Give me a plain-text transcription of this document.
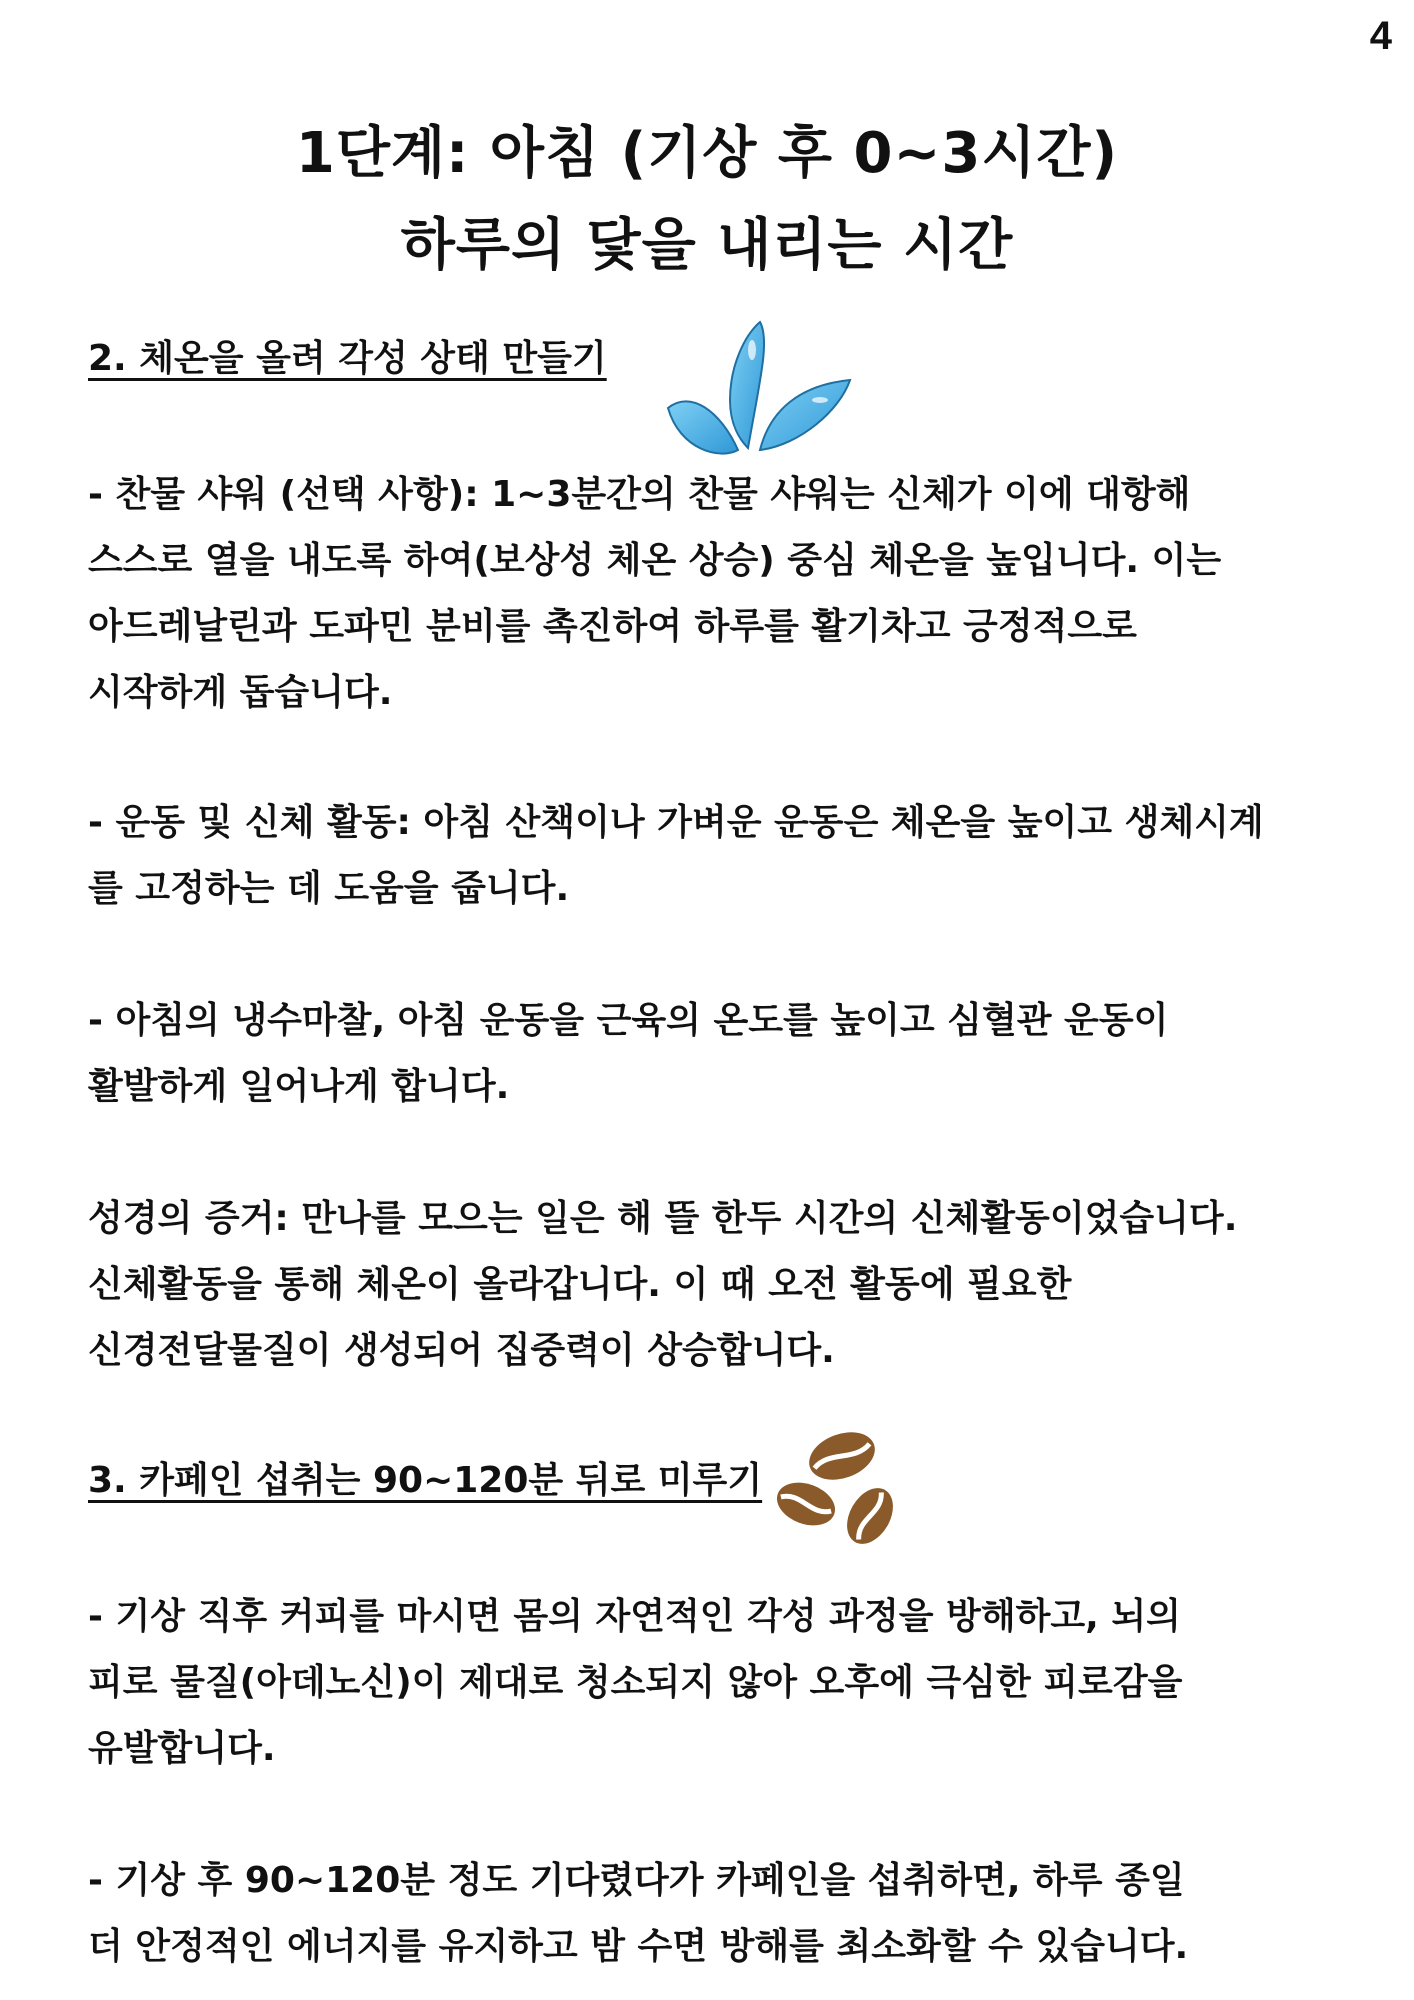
4
1단계: 아침 (기상 후 0~3시간)
하루의 닻을 내리는 시간
2. 체온을 올려 각성 상태 만들기
- 찬물 샤워 (선택 사항): 1~3분간의 찬물 샤워는 신체가 이에 대항해
스스로 열을 내도록 하여(보상성 체온 상승) 중심 체온을 높입니다. 이는
아드레날린과 도파민 분비를 촉진하여 하루를 활기차고 긍정적으로
시작하게 돕습니다.
- 운동 및 신체 활동: 아침 산책이나 가벼운 운동은 체온을 높이고 생체시계
를 고정하는 데 도움을 줍니다.
- 아침의 냉수마찰, 아침 운동을 근육의 온도를 높이고 심혈관 운동이
활발하게 일어나게 합니다.
성경의 증거: 만나를 모으는 일은 해 뜰 한두 시간의 신체활동이었습니다.
신체활동을 통해 체온이 올라갑니다. 이 때 오전 활동에 필요한
신경전달물질이 생성되어 집중력이 상승합니다.
3. 카페인 섭취는 90~120분 뒤로 미루기
- 기상 직후 커피를 마시면 몸의 자연적인 각성 과정을 방해하고, 뇌의
피로 물질(아데노신)이 제대로 청소되지 않아 오후에 극심한 피로감을
유발합니다.
- 기상 후 90~120분 정도 기다렸다가 카페인을 섭취하면, 하루 종일
더 안정적인 에너지를 유지하고 밤 수면 방해를 최소화할 수 있습니다.
